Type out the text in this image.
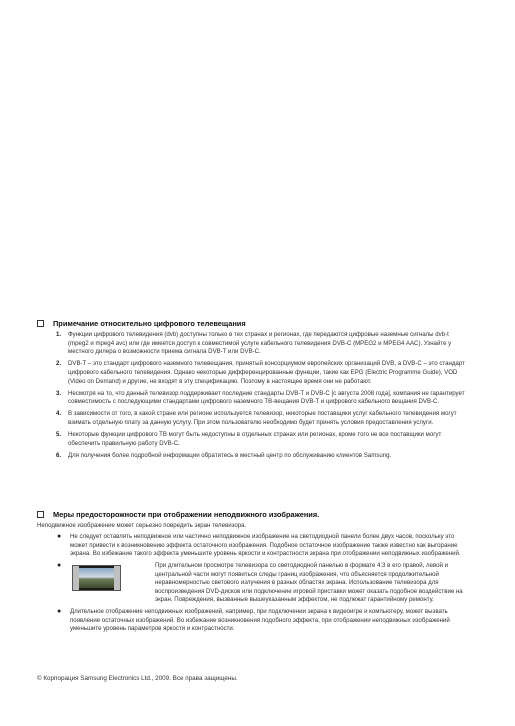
Примечание относительно цифрового телевещания
1.	Функции цифрового телевидения (dvb) доступны только в тех странах и регионах, где передаются цифровые наземные сигналы dvb-t (mpeg2 и mpeg4 avc) или где имеется доступ к совместимой услуге кабельного телевидения DVB-C (MPEG2 и MPEG4 AAC). Узнайте у местного дилера о возможности приема сигнала DVB-T или DVB-C.
2.	DVB-T – это стандарт цифрового наземного телевещания, принятый консорциумом европейских организаций DVB, а DVB-C – это стандарт цифрового кабельного телевидения. Однако некоторые дифференцированные функции, такие как EPG (Electric Programme Guide), VOD (Video on Demand) и другие, не входят в эту спецификацию. Поэтому в настоящее время они не работают.
3.	Несмотря на то, что данный телевизор поддерживает последние стандарты DVB-T и DVB-C [с августа 2008 года], компания не гарантирует совместимость с последующими стандартами цифрового наземного ТВ-вещания DVB-T и цифрового кабельного вещания DVB-C.
4.	В зависимости от того, в какой стране или регионе используется телевизор, некоторые поставщики услуг кабельного телевидения могут взимать отдельную плату за данную услугу. При этом пользователю необходимо будет принять условия предоставления услуги.
5.	Некоторые функции цифрового ТВ могут быть недоступны в отдельных странах или регионах, кроме того не все поставщики могут обеспечить правильную работу DVB-C.
6.	Для получения более подробной информации обратитесь в местный центр по обслуживанию клиентов Samsung.
Меры предосторожности при отображении неподвижного изображения.
Неподвижное изображение может серьезно повредить экран телевизора.
●	Не следует оставлять неподвижное или частично неподвижное изображение на светодиодной панели более двух часов, поскольку это может привести к возникновению эффекта остаточного изображения. Подобное остаточное изображение также известно как выгорание экрана. Во избежание такого эффекта уменьшите уровень яркости и контрастности экрана при отображении неподвижных изображений.
●	При длительном просмотре телевизора со светодиодной панелью в формате 4:3 в его правой, левой и центральной части могут появиться следы границ изображения, что объясняется продолжительной неравномерностью светового излучения в разных областях экрана. Использование телевизора для воспроизведения DVD-дисков или подключение игровой приставки может оказать подобное воздействие на экран. Повреждения, вызванные вышеуказанным эффектом, не подлежат гарантийному ремонту.
●	Длительное отображение неподвижных изображений, например, при подключении экрана к видеоигре и компьютеру, может вызвать появление остаточных изображений. Во избежание возникновения подобного эффекта, при отображении неподвижных изображений уменьшите уровень параметров яркости и контрастности.
© Корпорация Samsung Electronics Ltd., 2009. Все права защищены.
